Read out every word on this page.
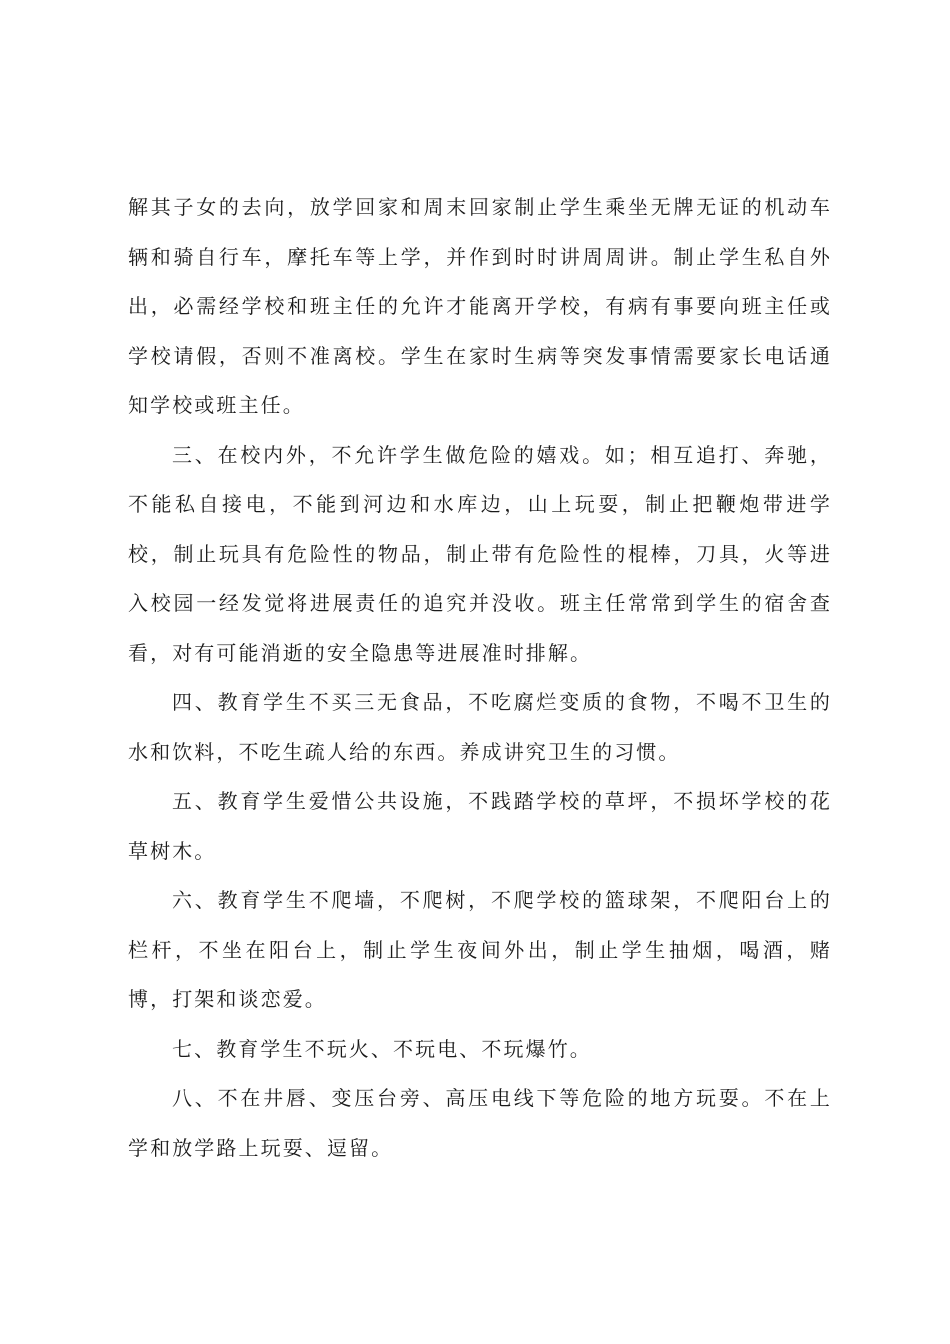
解其子女的去向，放学回家和周末回家制止学生乘坐无牌无证的机动车辆和骑自行车，摩托车等上学，并作到时时讲周周讲。制止学生私自外出，必需经学校和班主任的允许才能离开学校，有病有事要向班主任或学校请假，否则不准离校。学生在家时生病等突发事情需要家长电话通知学校或班主任。

三、在校内外，不允许学生做危险的嬉戏。如；相互追打、奔驰，不能私自接电，不能到河边和水库边，山上玩耍，制止把鞭炮带进学校，制止玩具有危险性的物品，制止带有危险性的棍棒，刀具，火等进入校园一经发觉将进展责任的追究并没收。班主任常常到学生的宿舍查看，对有可能消逝的安全隐患等进展准时排解。

四、教育学生不买三无食品，不吃腐烂变质的食物，不喝不卫生的水和饮料，不吃生疏人给的东西。养成讲究卫生的习惯。

五、教育学生爱惜公共设施，不践踏学校的草坪，不损坏学校的花草树木。

六、教育学生不爬墙，不爬树，不爬学校的篮球架，不爬阳台上的栏杆，不坐在阳台上，制止学生夜间外出，制止学生抽烟，喝酒，赌博，打架和谈恋爱。

七、教育学生不玩火、不玩电、不玩爆竹。

八、不在井唇、变压台旁、高压电线下等危险的地方玩耍。不在上学和放学路上玩耍、逗留。
